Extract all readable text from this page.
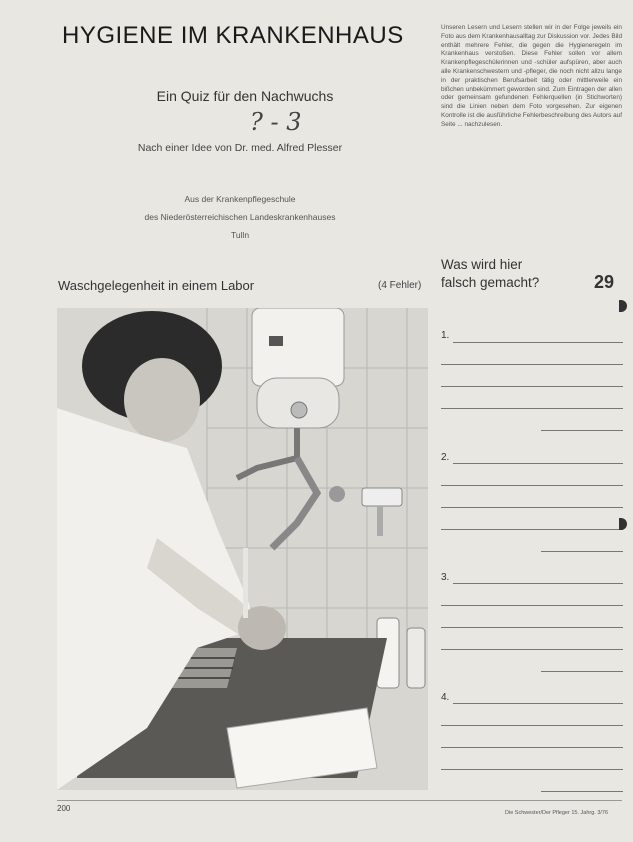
HYGIENE IM KRANKENHAUS
Ein Quiz für den Nachwuchs
? - 3
Nach einer Idee von Dr. med. Alfred Plesser
Aus der Krankenpflegeschule
des Niederösterreichischen Landeskrankenhauses
Tulln
Unseren Lesern und Lesern stellen wir in der Folge jeweils ein Foto aus dem Krankenhausalltag zur Diskussion vor. Jedes Bild enthält mehrere Fehler, die gegen die Hygieneregeln im Krankenhaus verstoßen. Diese Fehler sollen vor allem Krankenpflegeschülerinnen und -schüler aufspüren, aber auch alle Krankenschwestern und -pfleger, die noch nicht allzu lange in der praktischen Berufsarbeit tätig oder mittlerweile ein bißchen unbekümmert geworden sind. Zum Eintragen der allen oder gemeinsam gefundenen Fehlerquellen (in Stichworten) sind die Linien neben dem Foto vorgesehen. Zur eigenen Kontrolle ist die ausführliche Fehlerbeschreibung des Autors auf Seite ... nachzulesen.
Waschgelegenheit in einem Labor	(4 Fehler)
Was wird hier
falsch gemacht?	29
1.
2.
3.
4.
200	Die Schwester/Der Pfleger 15. Jahrg. 3/76
